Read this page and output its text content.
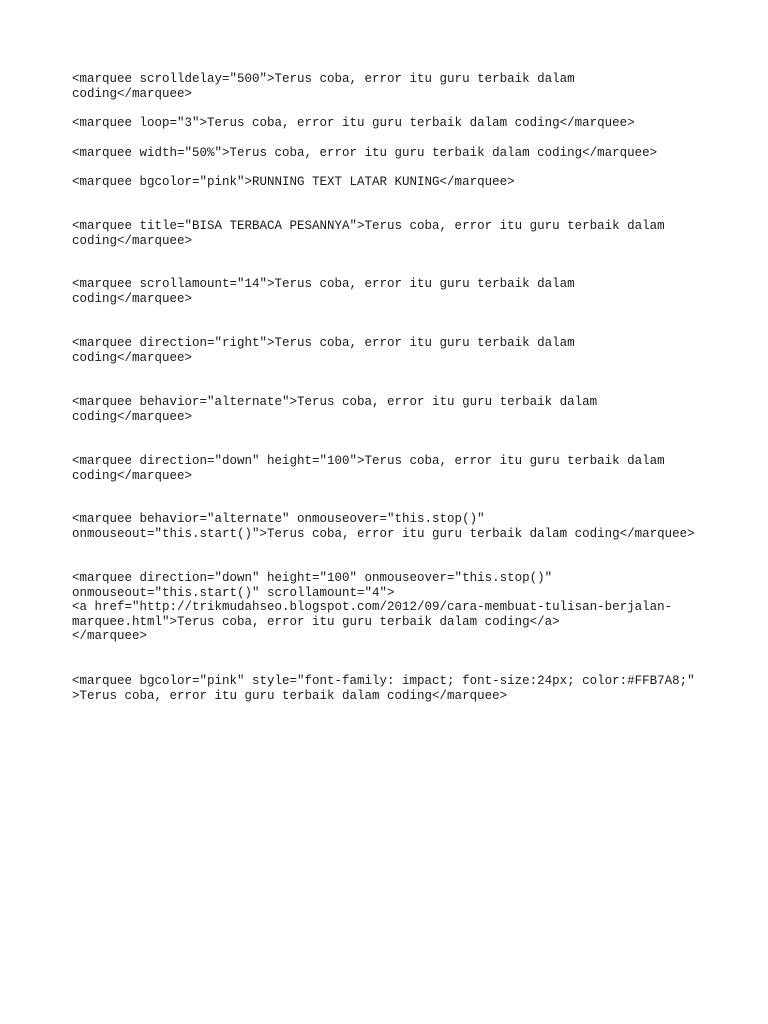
<marquee scrolldelay="500">Terus coba, error itu guru terbaik dalam
coding</marquee>
<marquee loop="3">Terus coba, error itu guru terbaik dalam coding</marquee>
<marquee width="50%">Terus coba, error itu guru terbaik dalam coding</marquee>
<marquee bgcolor="pink">RUNNING TEXT LATAR KUNING</marquee>
<marquee title="BISA TERBACA PESANNYA">Terus coba, error itu guru terbaik dalam
coding</marquee>
<marquee scrollamount="14">Terus coba, error itu guru terbaik dalam
coding</marquee>
<marquee direction="right">Terus coba, error itu guru terbaik dalam
coding</marquee>
<marquee behavior="alternate">Terus coba, error itu guru terbaik dalam
coding</marquee>
<marquee direction="down" height="100">Terus coba, error itu guru terbaik dalam
coding</marquee>
<marquee behavior="alternate" onmouseover="this.stop()"
onmouseout="this.start()">Terus coba, error itu guru terbaik dalam coding</marquee>
<marquee direction="down" height="100" onmouseover="this.stop()"
onmouseout="this.start()" scrollamount="4">
<a href="http://trikmudahseo.blogspot.com/2012/09/cara-membuat-tulisan-berjalan-
marquee.html">Terus coba, error itu guru terbaik dalam coding</a>
</marquee>
<marquee bgcolor="pink" style="font-family: impact; font-size:24px; color:#FFB7A8;"
>Terus coba, error itu guru terbaik dalam coding</marquee>
